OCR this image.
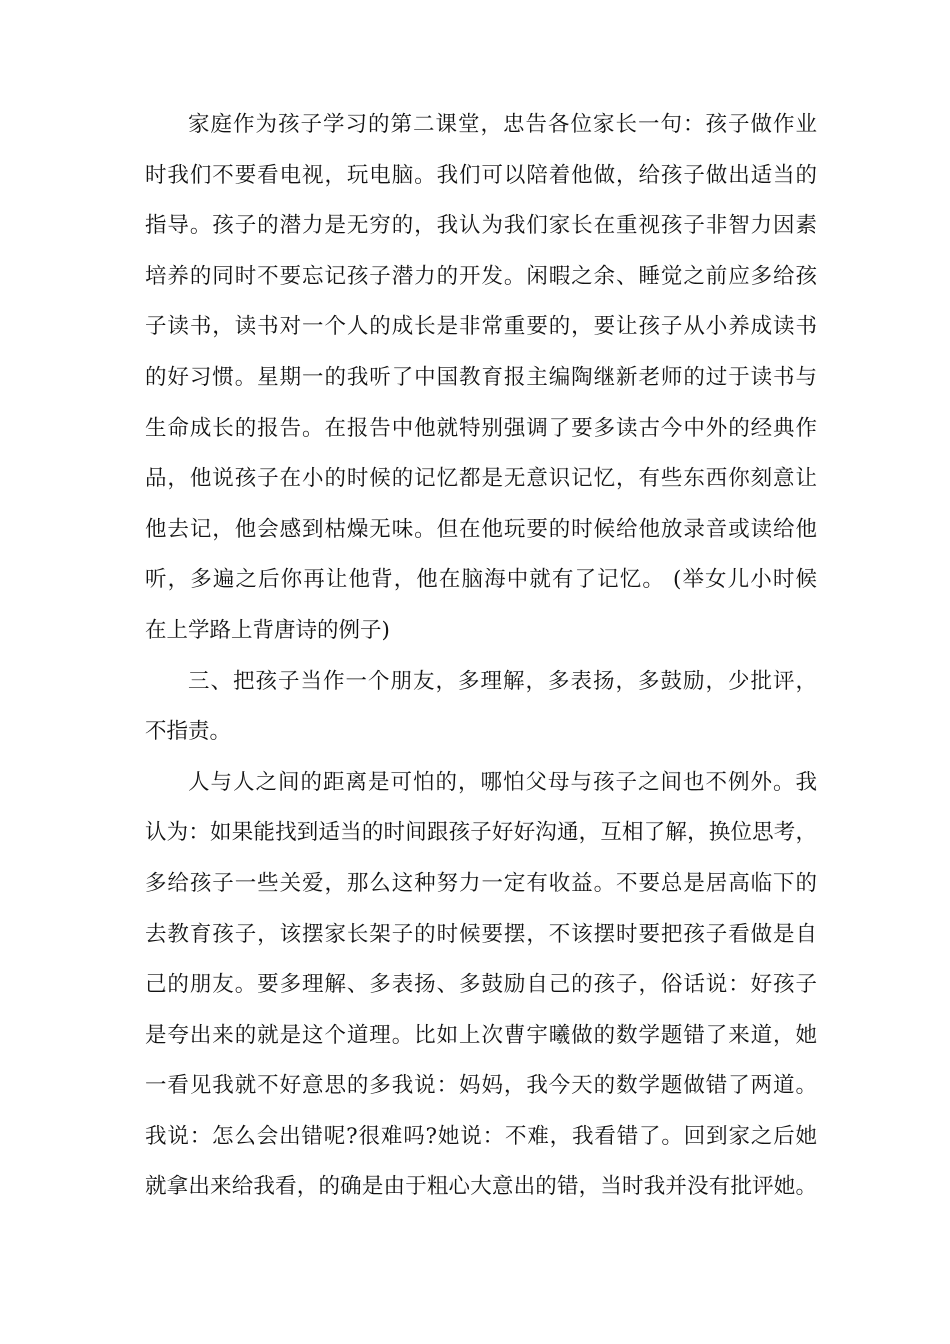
家庭作为孩子学习的第二课堂，忠告各位家长一句：孩子做作业
时我们不要看电视，玩电脑。我们可以陪着他做，给孩子做出适当的
指导。孩子的潜力是无穷的，我认为我们家长在重视孩子非智力因素
培养的同时不要忘记孩子潜力的开发。闲暇之余、睡觉之前应多给孩
子读书，读书对一个人的成长是非常重要的，要让孩子从小养成读书
的好习惯。星期一的我听了中国教育报主编陶继新老师的过于读书与
生命成长的报告。在报告中他就特别强调了要多读古今中外的经典作
品，他说孩子在小的时候的记忆都是无意识记忆，有些东西你刻意让
他去记，他会感到枯燥无味。但在他玩要的时候给他放录音或读给他
听，多遍之后你再让他背，他在脑海中就有了记忆。 (举女儿小时候
在上学路上背唐诗的例子)
三、把孩子当作一个朋友，多理解，多表扬，多鼓励，少批评，
不指责。
人与人之间的距离是可怕的，哪怕父母与孩子之间也不例外。我
认为：如果能找到适当的时间跟孩子好好沟通，互相了解，换位思考，
多给孩子一些关爱，那么这种努力一定有收益。不要总是居高临下的
去教育孩子，该摆家长架子的时候要摆，不该摆时要把孩子看做是自
己的朋友。要多理解、多表扬、多鼓励自己的孩子，俗话说：好孩子
是夸出来的就是这个道理。比如上次曹宇曦做的数学题错了来道，她
一看见我就不好意思的多我说：妈妈，我今天的数学题做错了两道。
我说：怎么会出错呢?很难吗?她说：不难，我看错了。回到家之后她
就拿出来给我看，的确是由于粗心大意出的错，当时我并没有批评她。
